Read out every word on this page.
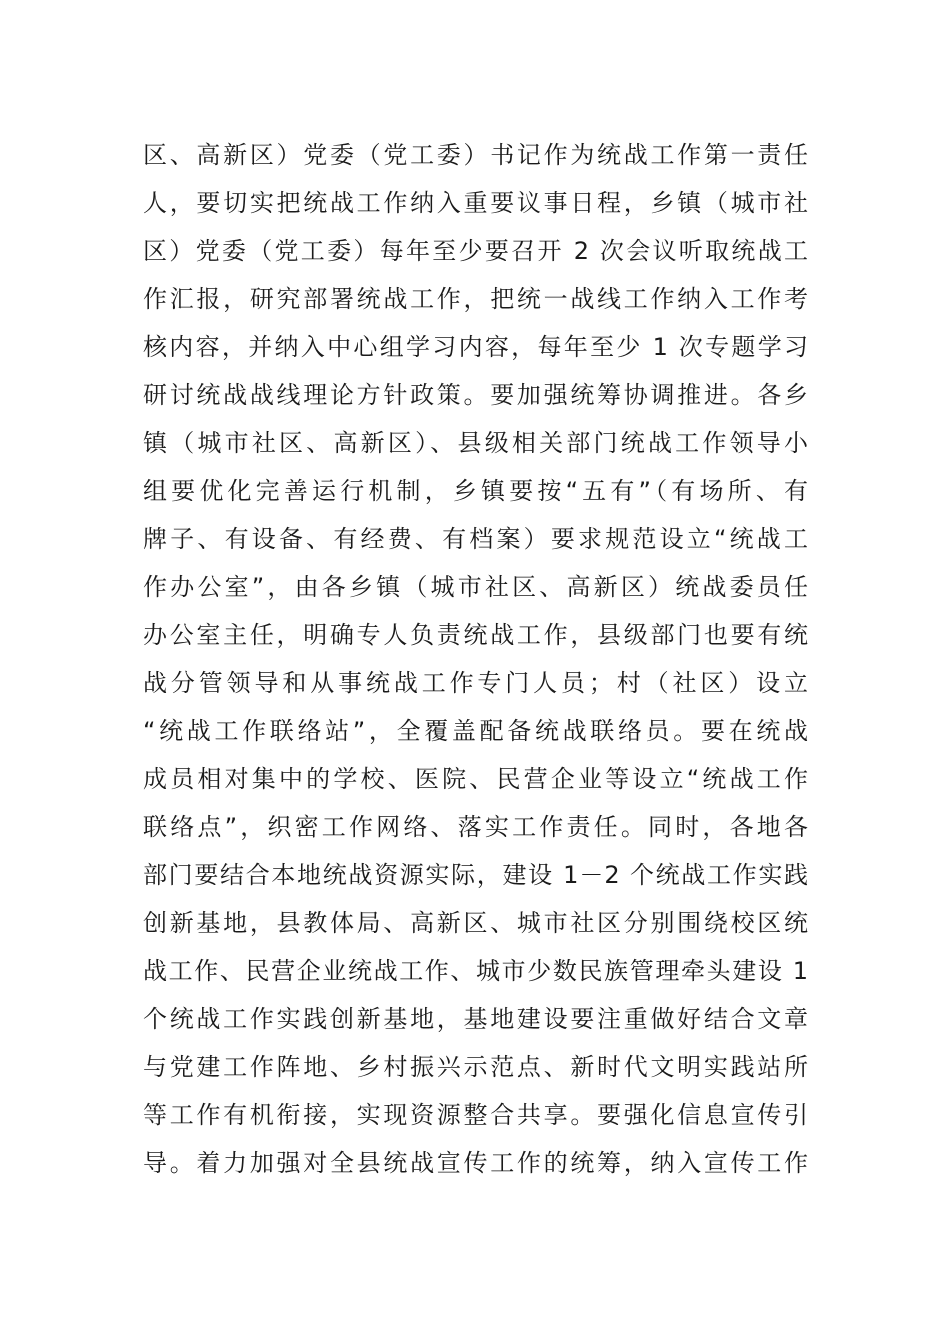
区、高新区）党委（党工委）书记作为统战工作第一责任
人，要切实把统战工作纳入重要议事日程，乡镇（城市社
区）党委（党工委）每年至少要召开 2 次会议听取统战工
作汇报，研究部署统战工作，把统一战线工作纳入工作考
核内容，并纳入中心组学习内容，每年至少 1 次专题学习
研讨统战战线理论方针政策。要加强统筹协调推进。各乡
镇（城市社区、高新区）、县级相关部门统战工作领导小
组要优化完善运行机制，乡镇要按“五有”（有场所、有
牌子、有设备、有经费、有档案）要求规范设立“统战工
作办公室”，由各乡镇（城市社区、高新区）统战委员任
办公室主任，明确专人负责统战工作，县级部门也要有统
战分管领导和从事统战工作专门人员；村（社区）设立
“统战工作联络站”，全覆盖配备统战联络员。要在统战
成员相对集中的学校、医院、民营企业等设立“统战工作
联络点”，织密工作网络、落实工作责任。同时，各地各
部门要结合本地统战资源实际，建设 1－2 个统战工作实践
创新基地，县教体局、高新区、城市社区分别围绕校区统
战工作、民营企业统战工作、城市少数民族管理牵头建设 1
个统战工作实践创新基地，基地建设要注重做好结合文章
与党建工作阵地、乡村振兴示范点、新时代文明实践站所
等工作有机衔接，实现资源整合共享。要强化信息宣传引
导。着力加强对全县统战宣传工作的统筹，纳入宣传工作
